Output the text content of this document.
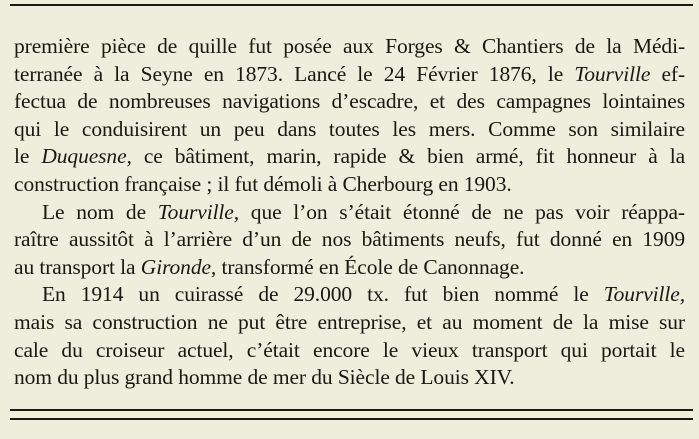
première pièce de quille fut posée aux Forges & Chantiers de la Médi-
terranée à la Seyne en 1873. Lancé le 24 Février 1876, le Tourville ef-
fectua de nombreuses navigations d’escadre, et des campagnes lointaines
qui le conduisirent un peu dans toutes les mers. Comme son similaire
le Duquesne, ce bâtiment, marin, rapide & bien armé, fit honneur à la
construction française ; il fut démoli à Cherbourg en 1903.
Le nom de Tourville, que l’on s’était étonné de ne pas voir réappa-
raître aussitôt à l’arrière d’un de nos bâtiments neufs, fut donné en 1909
au transport la Gironde, transformé en École de Canonnage.
En 1914 un cuirassé de 29.000 tx. fut bien nommé le Tourville,
mais sa construction ne put être entreprise, et au moment de la mise sur
cale du croiseur actuel, c’était encore le vieux transport qui portait le
nom du plus grand homme de mer du Siècle de Louis XIV.
